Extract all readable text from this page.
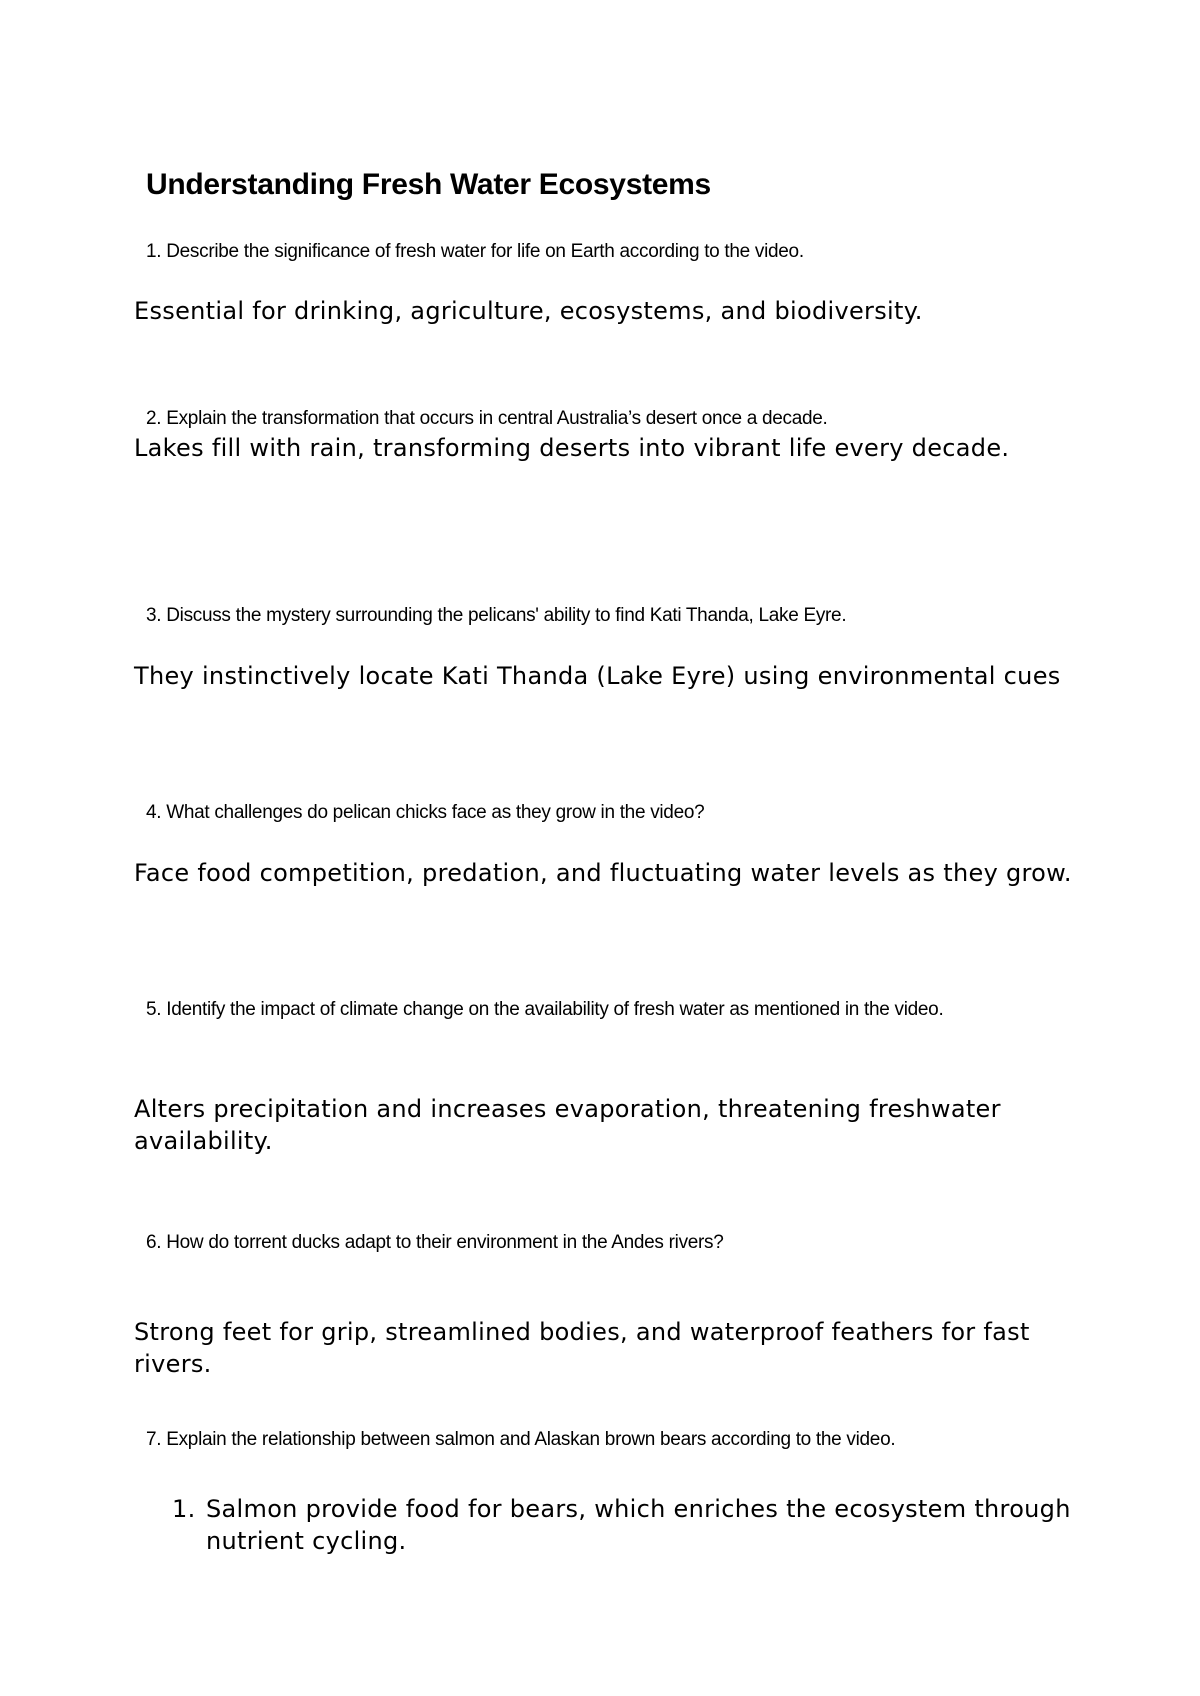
Understanding Fresh Water Ecosystems
1. Describe the significance of fresh water for life on Earth according to the video.
Essential for drinking, agriculture, ecosystems, and biodiversity.
2. Explain the transformation that occurs in central Australia’s desert once a decade.
Lakes fill with rain, transforming deserts into vibrant life every decade.
3. Discuss the mystery surrounding the pelicans' ability to find Kati Thanda, Lake Eyre.
They instinctively locate Kati Thanda (Lake Eyre) using environmental cues
4. What challenges do pelican chicks face as they grow in the video?
Face food competition, predation, and fluctuating water levels as they grow.
5. Identify the impact of climate change on the availability of fresh water as mentioned in the video.
Alters precipitation and increases evaporation, threatening freshwater availability.
6. How do torrent ducks adapt to their environment in the Andes rivers?
Strong feet for grip, streamlined bodies, and waterproof feathers for fast rivers.
7. Explain the relationship between salmon and Alaskan brown bears according to the video.
1. Salmon provide food for bears, which enriches the ecosystem through nutrient cycling.
